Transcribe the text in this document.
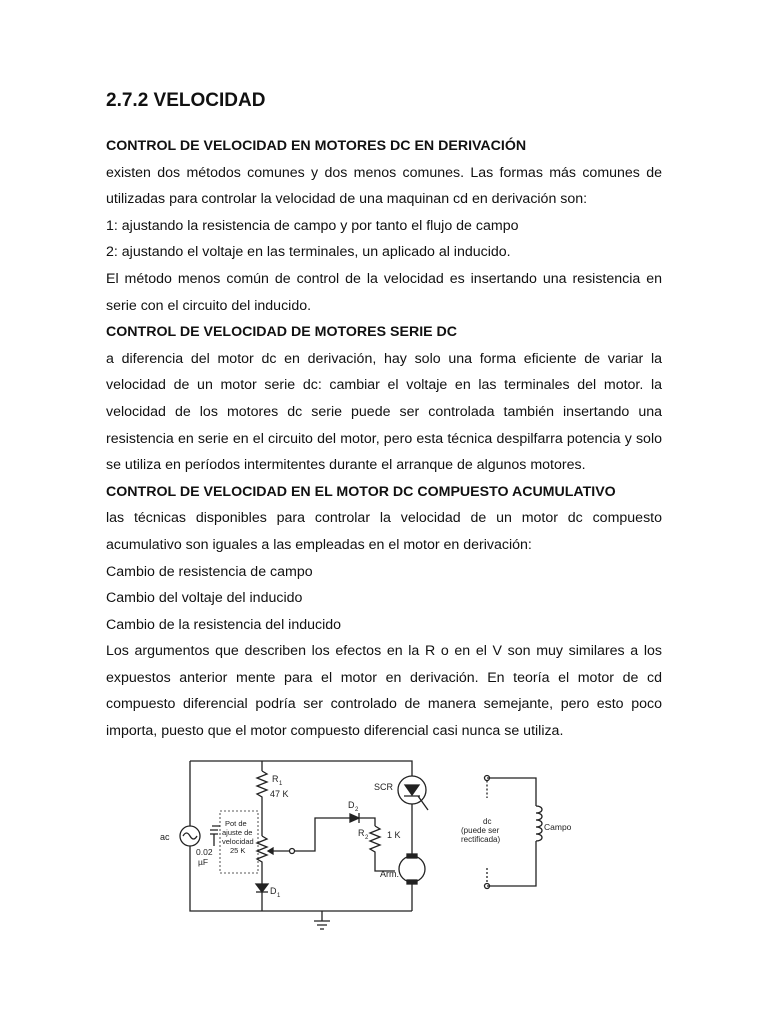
2.7.2 VELOCIDAD

CONTROL DE VELOCIDAD EN MOTORES DC EN DERIVACIÓN

existen dos métodos comunes y dos menos comunes. Las formas más comunes de utilizadas para controlar la velocidad de una maquinan cd en derivación son:

1: ajustando la resistencia de campo y por tanto el flujo de campo

2: ajustando el voltaje en las terminales, un aplicado al inducido.

El método menos común de control de la velocidad es insertando una resistencia en serie con el circuito del inducido.

CONTROL DE VELOCIDAD DE MOTORES SERIE DC

a diferencia del motor dc en derivación, hay solo una forma eficiente de variar la velocidad de un motor serie dc: cambiar el voltaje en las terminales del motor. la velocidad de los motores dc serie puede ser controlada también insertando una resistencia en serie en el circuito del motor, pero esta técnica despilfarra potencia y solo se utiliza en períodos intermitentes durante el arranque de algunos motores.

CONTROL DE VELOCIDAD EN EL MOTOR DC COMPUESTO ACUMULATIVO

las técnicas disponibles para controlar la velocidad de un motor dc compuesto acumulativo son iguales a las empleadas en el motor en derivación:

Cambio de resistencia de campo

Cambio del voltaje del inducido

Cambio de la resistencia del inducido

Los argumentos que describen los efectos en la R o en el V son muy similares a los expuestos anterior mente para el motor en derivación. En teoría el motor de cd compuesto diferencial podría ser controlado de manera semejante, pero esto poco importa, puesto que el motor compuesto diferencial casi nunca se utiliza.

ac
R 1
47 K
Pot de ajuste de velocidad 25 K
0.02
µF
D 1
D 2
R 2 1 K
SCR
Arm.
dc (puede ser rectificada)
Campo
